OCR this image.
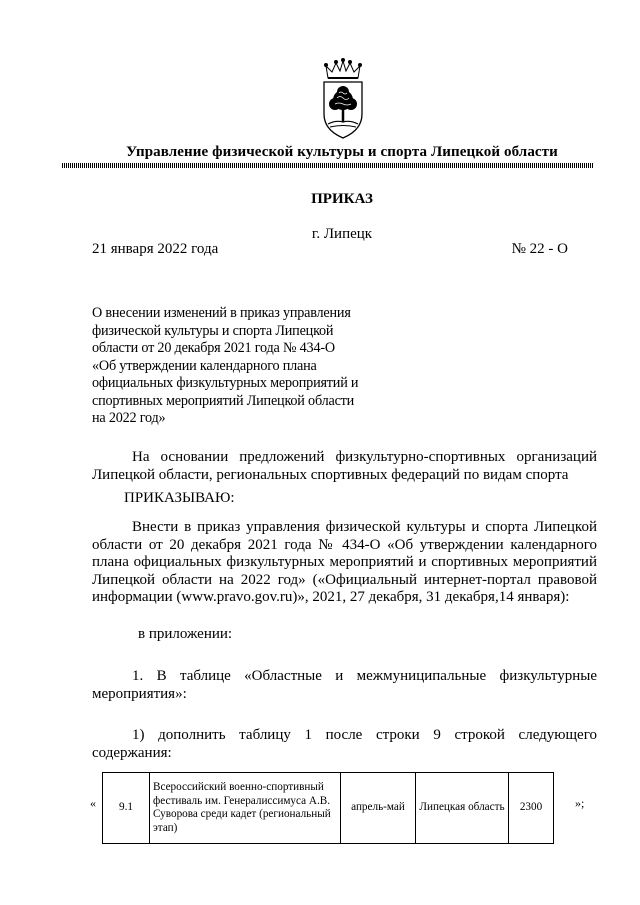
Управление физической культуры и спорта Липецкой области
ПРИКАЗ
г. Липецк
21 января 2022 года	№ 22 - О
О внесении изменений в приказ управления
физической культуры и спорта Липецкой
области от 20 декабря 2021 года № 434-О
«Об утверждении календарного плана
официальных физкультурных мероприятий и
спортивных мероприятий Липецкой области
на 2022 год»
На основании предложений физкультурно-спортивных организаций Липецкой области, региональных спортивных федераций по видам спорта
ПРИКАЗЫВАЮ:
Внести в приказ управления физической культуры и спорта Липецкой области от 20 декабря 2021 года № 434-О «Об утверждении календарного плана официальных физкультурных мероприятий и спортивных мероприятий Липецкой области на 2022 год» («Официальный интернет-портал правовой информации (www.pravo.gov.ru)», 2021, 27 декабря, 31 декабря,14 января):
в приложении:
1. В таблице «Областные и межмуниципальные физкультурные мероприятия»:
1) дополнить таблицу 1 после строки 9 строкой следующего содержания:
« 9.1	Всероссийский военно-спортивный фестиваль им. Генералиссимуса А.В. Суворова среди кадет (региональный этап)	апрель-май	Липецкая область	2300	»;
